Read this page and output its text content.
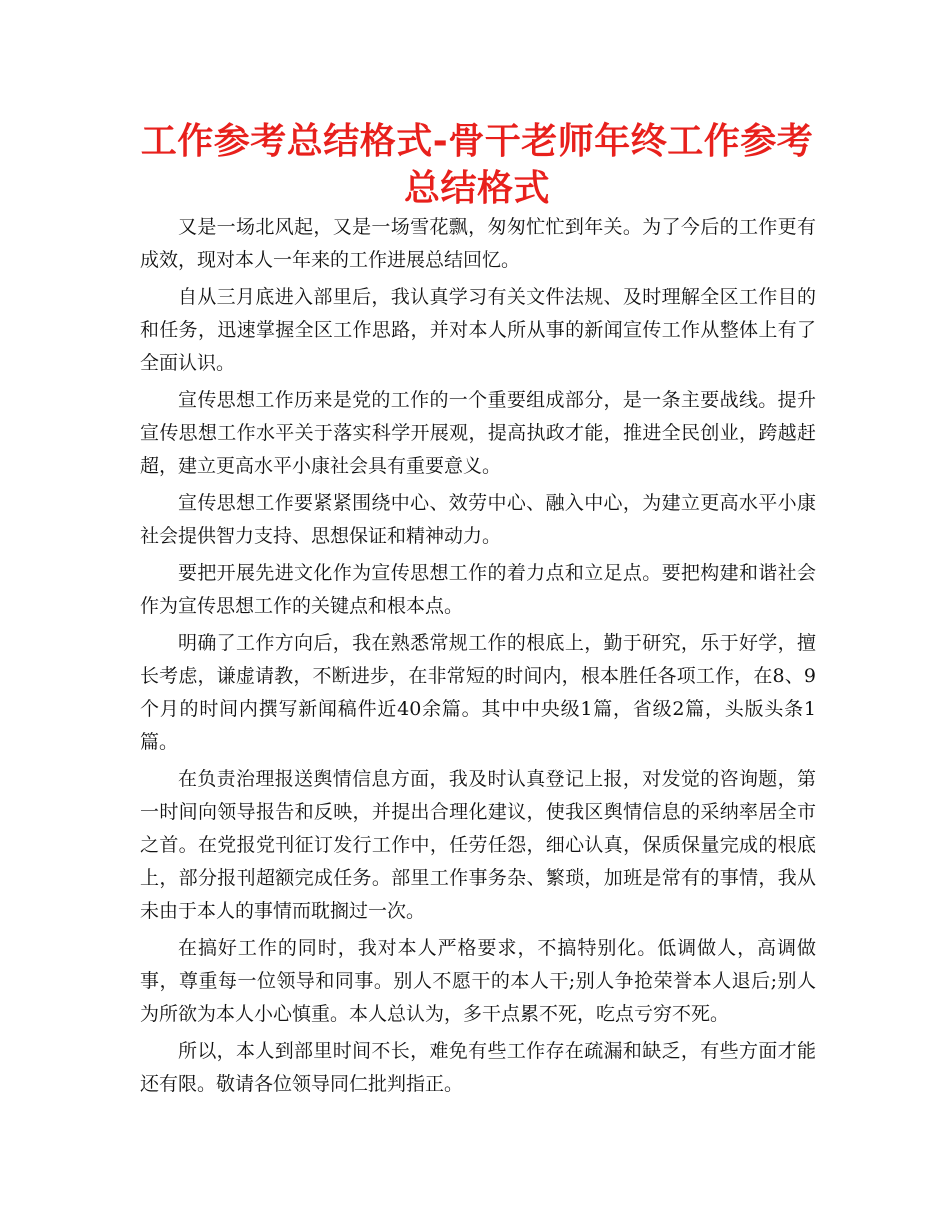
工作参考总结格式-骨干老师年终工作参考总结格式

又是一场北风起，又是一场雪花飘，匆匆忙忙到年关。为了今后的工作更有成效，现对本人一年来的工作进展总结回忆。

自从三月底进入部里后，我认真学习有关文件法规、及时理解全区工作目的和任务，迅速掌握全区工作思路，并对本人所从事的新闻宣传工作从整体上有了全面认识。

宣传思想工作历来是党的工作的一个重要组成部分，是一条主要战线。提升宣传思想工作水平关于落实科学开展观，提高执政才能，推进全民创业，跨越赶超，建立更高水平小康社会具有重要意义。

宣传思想工作要紧紧围绕中心、效劳中心、融入中心，为建立更高水平小康社会提供智力支持、思想保证和精神动力。

要把开展先进文化作为宣传思想工作的着力点和立足点。要把构建和谐社会作为宣传思想工作的关键点和根本点。

明确了工作方向后，我在熟悉常规工作的根底上，勤于研究，乐于好学，擅长考虑，谦虚请教，不断进步，在非常短的时间内，根本胜任各项工作，在8、9个月的时间内撰写新闻稿件近40余篇。其中中央级1篇，省级2篇，头版头条1篇。

在负责治理报送舆情信息方面，我及时认真登记上报，对发觉的咨询题，第一时间向领导报告和反映，并提出合理化建议，使我区舆情信息的采纳率居全市之首。在党报党刊征订发行工作中，任劳任怨，细心认真，保质保量完成的根底上，部分报刊超额完成任务。部里工作事务杂、繁琐，加班是常有的事情，我从未由于本人的事情而耽搁过一次。

在搞好工作的同时，我对本人严格要求，不搞特别化。低调做人，高调做事，尊重每一位领导和同事。别人不愿干的本人干;别人争抢荣誉本人退后;别人为所欲为本人小心慎重。本人总认为，多干点累不死，吃点亏穷不死。

所以，本人到部里时间不长，难免有些工作存在疏漏和缺乏，有些方面才能还有限。敬请各位领导同仁批判指正。
